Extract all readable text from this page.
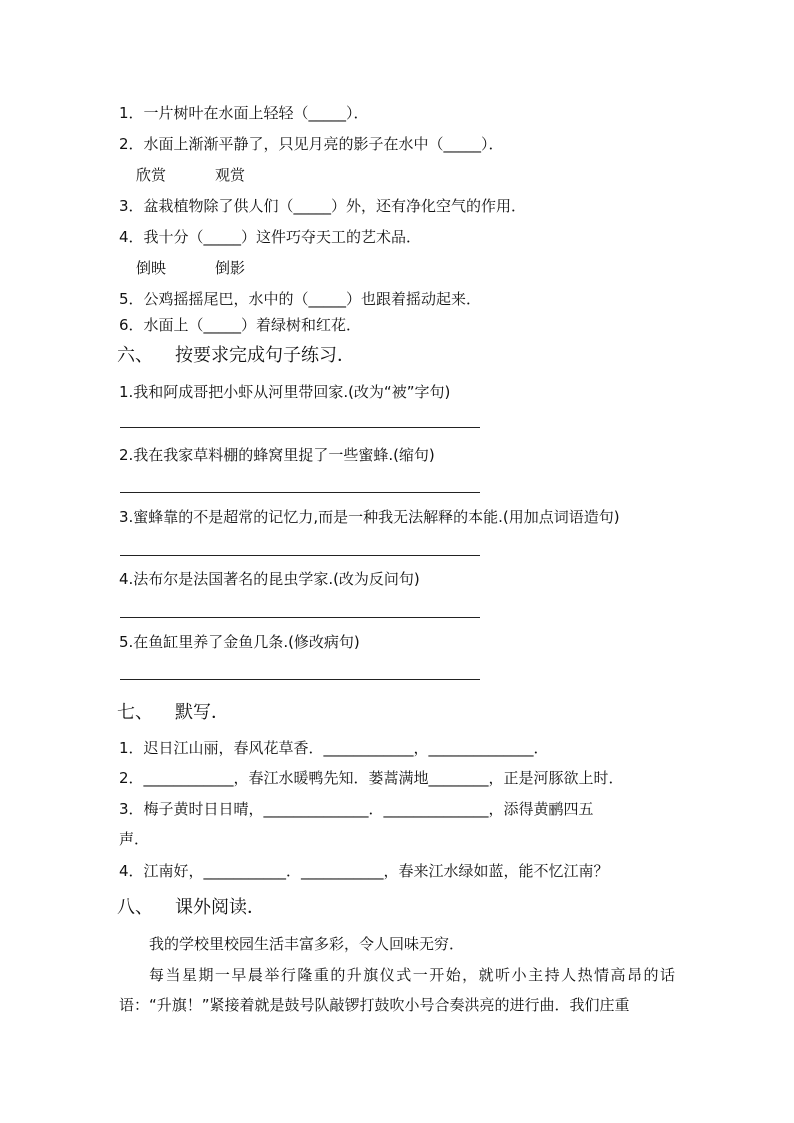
1．一片树叶在水面上轻轻（_____）．
2．水面上渐渐平静了，只见月亮的影子在水中（_____）．
欣赏	观赏
3．盆栽植物除了供人们（_____）外，还有净化空气的作用．
4．我十分（_____）这件巧夺天工的艺术品．
倒映	倒影
5．公鸡摇摇尾巴，水中的（_____）也跟着摇动起来．
6．水面上（_____）着绿树和红花．
六、 按要求完成句子练习．
1.我和阿成哥把小虾从河里带回家.(改为“被”字句)
2.我在我家草料棚的蜂窝里捉了一些蜜蜂.(缩句)
3.蜜蜂靠的不是超常的记忆力,而是一种我无法解释的本能.(用加点词语造句)
4.法布尔是法国著名的昆虫学家.(改为反问句)
5.在鱼缸里养了金鱼几条.(修改病句)
七、 默写．
1．迟日江山丽，春风花草香．____________，______________．
2．____________，春江水暖鸭先知．蒌蒿满地________，正是河豚欲上时．
3．梅子黄时日日晴，______________．______________，添得黄鹂四五
声．
4．江南好，___________．___________，春来江水绿如蓝，能不忆江南？
八、 课外阅读．
我的学校里校园生活丰富多彩，令人回味无穷．
每当星期一早晨举行隆重的升旗仪式一开始，就听小主持人热情高昂的话语：“升旗！”紧接着就是鼓号队敲锣打鼓吹小号合奏洪亮的进行曲．我们庄重
